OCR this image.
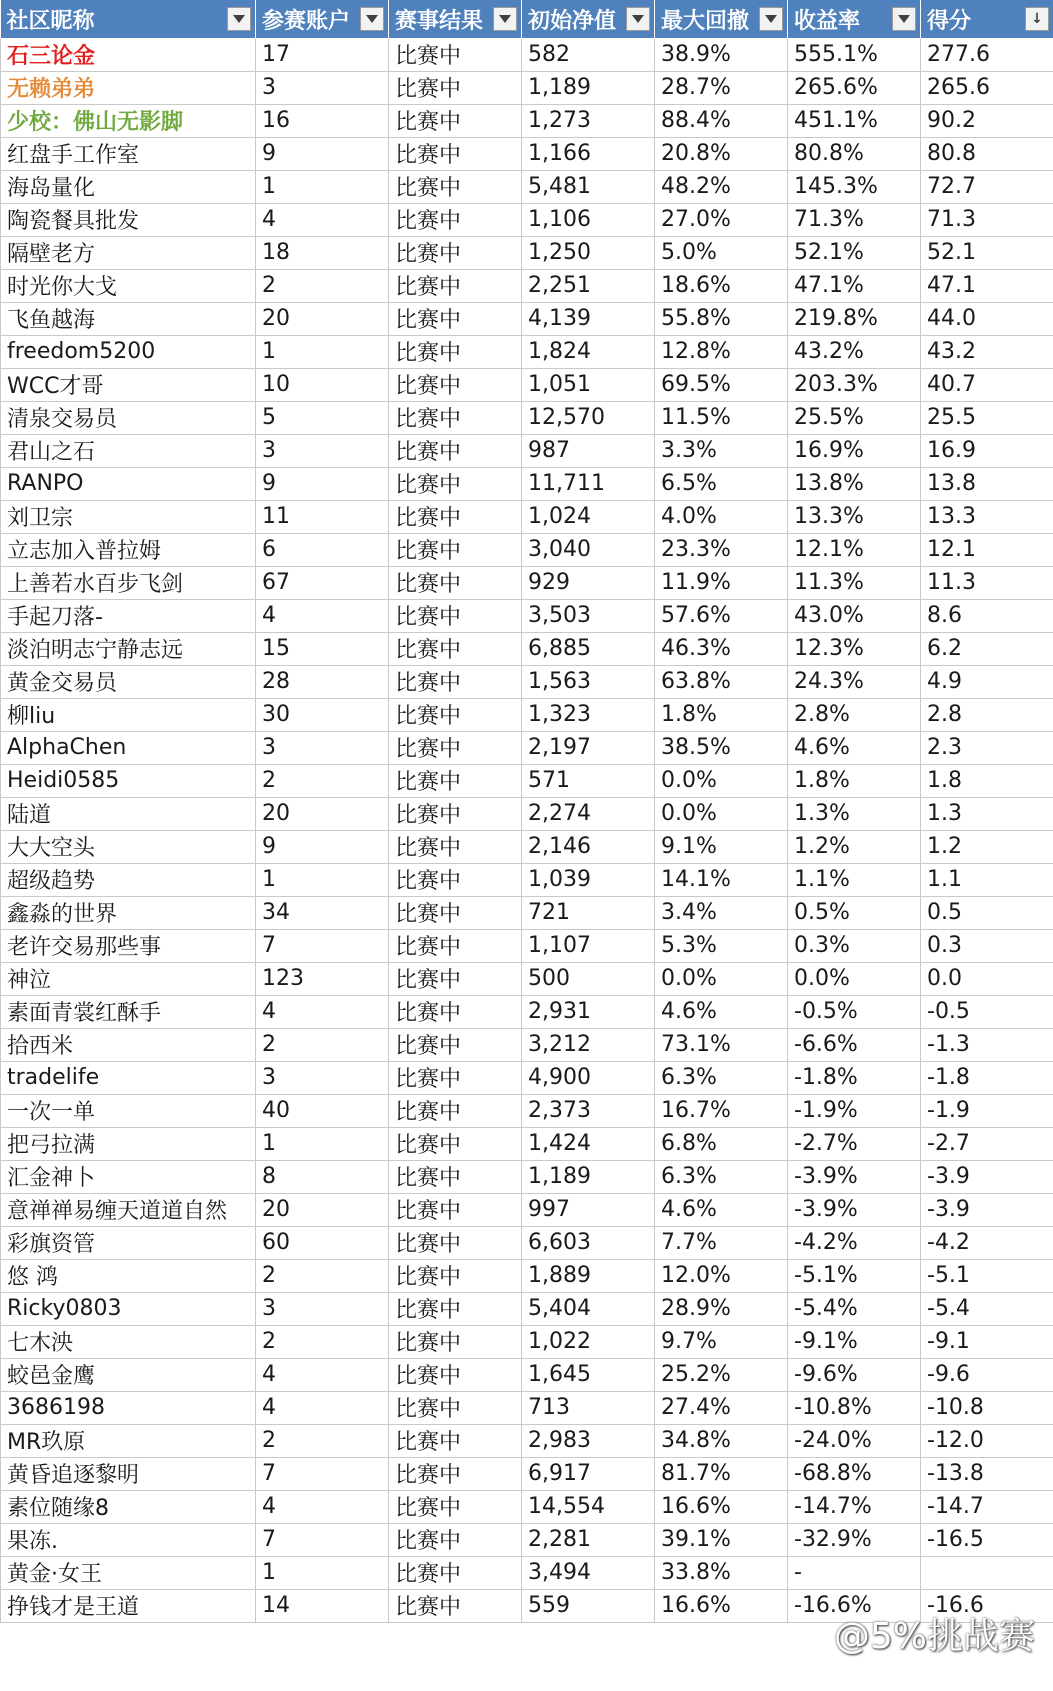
社区昵称	参赛账户	赛事结果	初始净值	最大回撤	收益率	得分 ↓

石三论金	17	比赛中	582	38.9%	555.1%	277.6
无赖弟弟	3	比赛中	1,189	28.7%	265.6%	265.6
少校：佛山无影脚	16	比赛中	1,273	88.4%	451.1%	90.2
红盘手工作室	9	比赛中	1,166	20.8%	80.8%	80.8
海岛量化	1	比赛中	5,481	48.2%	145.3%	72.7
陶瓷餐具批发	4	比赛中	1,106	27.0%	71.3%	71.3
隔壁老方	18	比赛中	1,250	5.0%	52.1%	52.1
时光你大戈	2	比赛中	2,251	18.6%	47.1%	47.1
飞鱼越海	20	比赛中	4,139	55.8%	219.8%	44.0
freedom5200	1	比赛中	1,824	12.8%	43.2%	43.2
WCC才哥	10	比赛中	1,051	69.5%	203.3%	40.7
清泉交易员	5	比赛中	12,570	11.5%	25.5%	25.5
君山之石	3	比赛中	987	3.3%	16.9%	16.9
RANPO	9	比赛中	11,711	6.5%	13.8%	13.8
刘卫宗	11	比赛中	1,024	4.0%	13.3%	13.3
立志加入普拉姆	6	比赛中	3,040	23.3%	12.1%	12.1
上善若水百步飞剑	67	比赛中	929	11.9%	11.3%	11.3
手起刀落-	4	比赛中	3,503	57.6%	43.0%	8.6
淡泊明志宁静志远	15	比赛中	6,885	46.3%	12.3%	6.2
黄金交易员	28	比赛中	1,563	63.8%	24.3%	4.9
柳liu	30	比赛中	1,323	1.8%	2.8%	2.8
AlphaChen	3	比赛中	2,197	38.5%	4.6%	2.3
Heidi0585	2	比赛中	571	0.0%	1.8%	1.8
陆道	20	比赛中	2,274	0.0%	1.3%	1.3
大大空头	9	比赛中	2,146	9.1%	1.2%	1.2
超级趋势	1	比赛中	1,039	14.1%	1.1%	1.1
鑫淼的世界	34	比赛中	721	3.4%	0.5%	0.5
老许交易那些事	7	比赛中	1,107	5.3%	0.3%	0.3
神泣	123	比赛中	500	0.0%	0.0%	0.0
素面青裳红酥手	4	比赛中	2,931	4.6%	-0.5%	-0.5
拾西米	2	比赛中	3,212	73.1%	-6.6%	-1.3
tradelife	3	比赛中	4,900	6.3%	-1.8%	-1.8
一次一单	40	比赛中	2,373	16.7%	-1.9%	-1.9
把弓拉满	1	比赛中	1,424	6.8%	-2.7%	-2.7
汇金神卜	8	比赛中	1,189	6.3%	-3.9%	-3.9
意禅禅易缠天道道自然	20	比赛中	997	4.6%	-3.9%	-3.9
彩旗资管	60	比赛中	6,603	7.7%	-4.2%	-4.2
悠 鸿	2	比赛中	1,889	12.0%	-5.1%	-5.1
Ricky0803	3	比赛中	5,404	28.9%	-5.4%	-5.4
七木泱	2	比赛中	1,022	9.7%	-9.1%	-9.1
蛟邑金鹰	4	比赛中	1,645	25.2%	-9.6%	-9.6
3686198	4	比赛中	713	27.4%	-10.8%	-10.8
MR玖原	2	比赛中	2,983	34.8%	-24.0%	-12.0
黄昏追逐黎明	7	比赛中	6,917	81.7%	-68.8%	-13.8
素位随缘8	4	比赛中	14,554	16.6%	-14.7%	-14.7
果冻.	7	比赛中	2,281	39.1%	-32.9%	-16.5
黄金·女王	1	比赛中	3,494	33.8%	-	
挣钱才是王道	14	比赛中	559	16.6%	-16.6%	-16.6
@5%挑战赛
